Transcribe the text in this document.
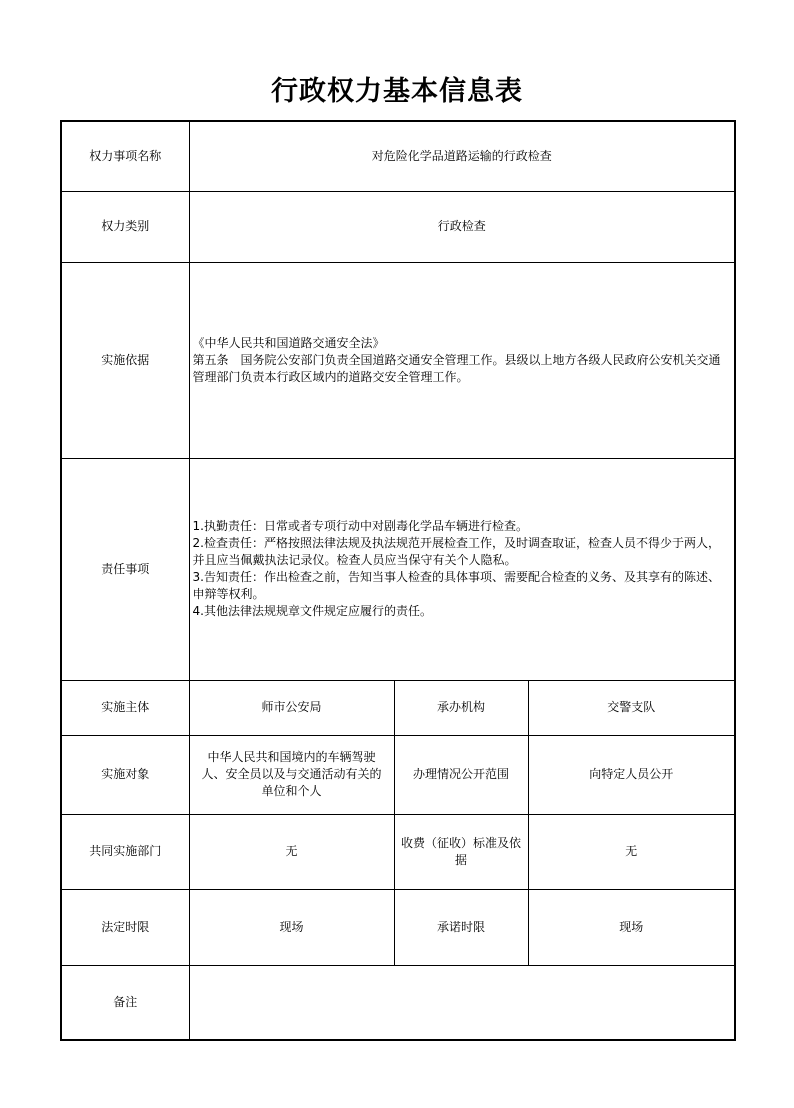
行政权力基本信息表
权力事项名称	对危险化学品道路运输的行政检查		
权力类别	行政检查		
实施依据	《中华人民共和国道路交通安全法》
第五条　国务院公安部门负责全国道路交通安全管理工作。县级以上地方各级人民政府公安机关交通管理部门负责本行政区域内的道路交安全管理工作。		

责任事项	1.执勤责任：日常或者专项行动中对剧毒化学品车辆进行检查。
2.检查责任：严格按照法律法规及执法规范开展检查工作，及时调查取证，检查人员不得少于两人，并且应当佩戴执法记录仪。检查人员应当保守有关个人隐私。
3.告知责任：作出检查之前，告知当事人检查的具体事项、需要配合检查的义务、及其享有的陈述、申辩等权利。
4.其他法律法规规章文件规定应履行的责任。		

实施主体	师市公安局	承办机构	交警支队
实施对象	中华人民共和国境内的车辆驾驶人、安全员以及与交通活动有关的单位和个人	办理情况公开范围	向特定人员公开
共同实施部门	无	收费（征收）标准及依据	无
法定时限	现场	承诺时限	现场
备注			
